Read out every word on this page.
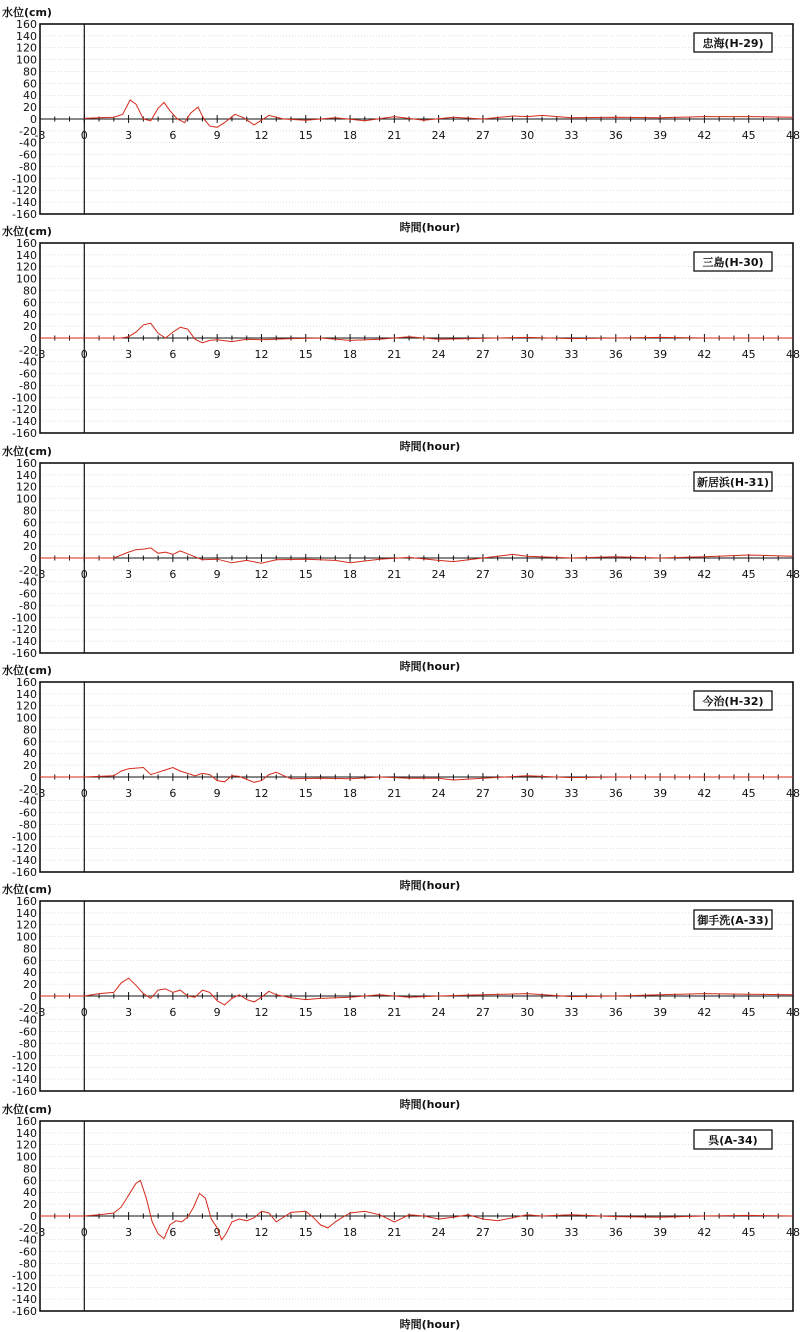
160
140
120
100
80
60
40
20
0
-20
-40
-60
-80
-100
-120
-140
-160
-3	0	3	6	9	12	15	18	21	24	27	30	33	36	39	42	45	48
水位(cm)
時間(hour)
忠海(H-29)
160
140
120
100
80
60
40
20
0
-20
-40
-60
-80
-100
-120
-140
-160
-3	0	3	6	9	12	15	18	21	24	27	30	33	36	39	42	45	48
水位(cm)
時間(hour)
三島(H-30)
160
140
120
100
80
60
40
20
0
-20
-40
-60
-80
-100
-120
-140
-160
-3	0	3	6	9	12	15	18	21	24	27	30	33	36	39	42	45	48
水位(cm)
時間(hour)
新居浜(H-31)
160
140
120
100
80
60
40
20
0
-20
-40
-60
-80
-100
-120
-140
-160
-3	0	3	6	9	12	15	18	21	24	27	30	33	36	39	42	45	48
水位(cm)
時間(hour)
今治(H-32)
160
140
120
100
80
60
40
20
0
-20
-40
-60
-80
-100
-120
-140
-160
-3	0	3	6	9	12	15	18	21	24	27	30	33	36	39	42	45	48
水位(cm)
時間(hour)
御手洗(A-33)
160
140
120
100
80
60
40
20
0
-20
-40
-60
-80
-100
-120
-140
-160
-3	0	3	6	9	12	15	18	21	24	27	30	33	36	39	42	45	48
水位(cm)
時間(hour)
呉(A-34)
